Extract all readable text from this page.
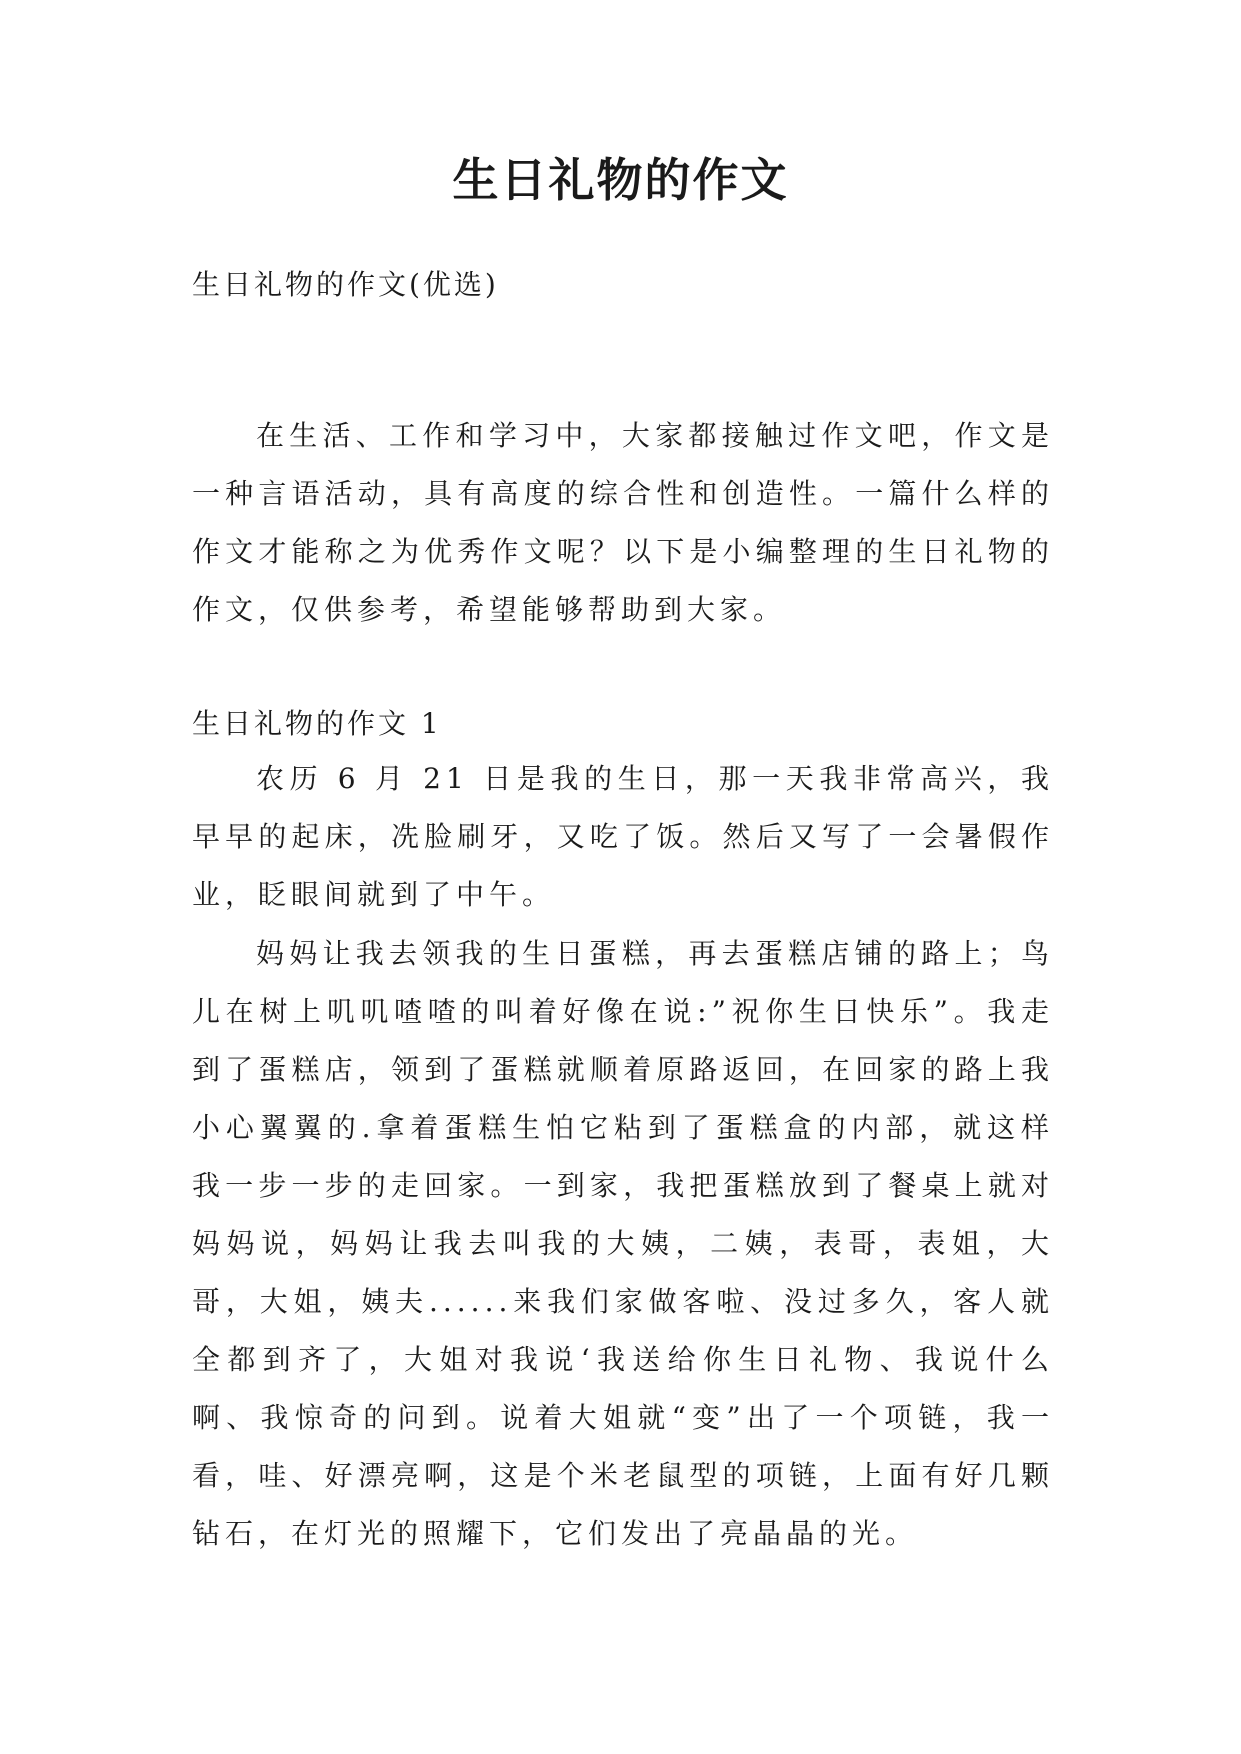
生日礼物的作文

生日礼物的作文(优选)

在生活、工作和学习中，大家都接触过作文吧，作文是一种言语活动，具有高度的综合性和创造性。一篇什么样的作文才能称之为优秀作文呢？以下是小编整理的生日礼物的作文，仅供参考，希望能够帮助到大家。

生日礼物的作文 1

农历 6 月 21 日是我的生日，那一天我非常高兴，我早早的起床，冼脸刷牙，又吃了饭。然后又写了一会暑假作业，眨眼间就到了中午。

妈妈让我去领我的生日蛋糕，再去蛋糕店铺的路上；鸟儿在树上叽叽喳喳的叫着好像在说:”祝你生日快乐”。我走到了蛋糕店，领到了蛋糕就顺着原路返回，在回家的路上我小心翼翼的.拿着蛋糕生怕它粘到了蛋糕盒的内部，就这样我一步一步的走回家。一到家，我把蛋糕放到了餐桌上就对妈妈说，妈妈让我去叫我的大姨，二姨，表哥，表姐，大哥，大姐，姨夫......来我们家做客啦、没过多久，客人就全都到齐了，大姐对我说‘我送给你生日礼物、我说什么啊、我惊奇的问到。说着大姐就“变”出了一个项链，我一看，哇、好漂亮啊，这是个米老鼠型的项链，上面有好几颗钻石，在灯光的照耀下，它们发出了亮晶晶的光。
